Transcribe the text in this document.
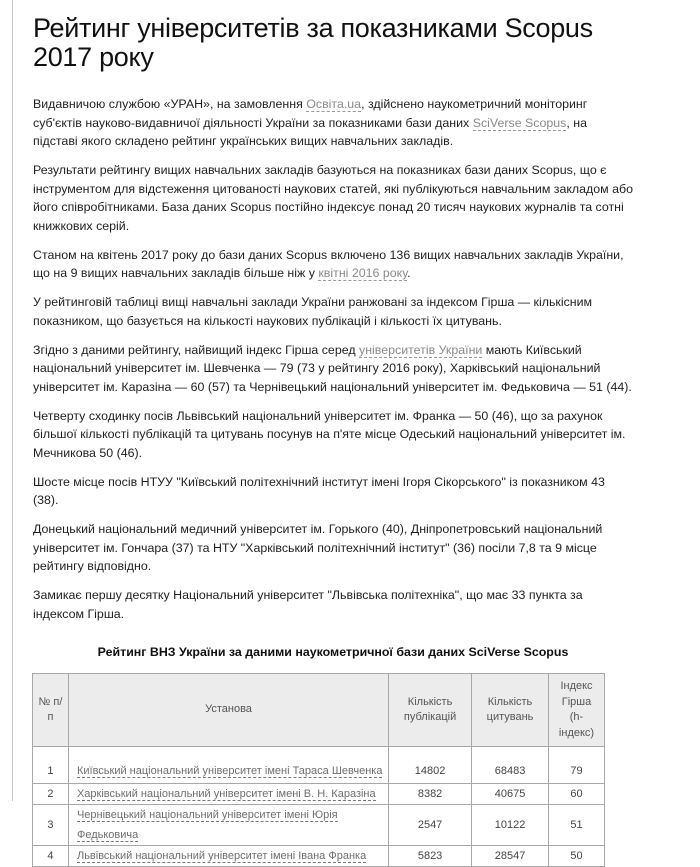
Рейтинг університетів за показниками Scopus 2017 року

Видавничою службою «УРАН», на замовлення Освіта.ua, здійснено наукометричний моніторинг суб'єктів науково-видавничої діяльності України за показниками бази даних SciVerse Scopus, на підставі якого складено рейтинг українських вищих навчальних закладів.

Результати рейтингу вищих навчальних закладів базуються на показниках бази даних Scopus, що є інструментом для відстеження цитованості наукових статей, які публікуються навчальним закладом або його співробітниками. База даних Scopus постійно індексує понад 20 тисяч наукових журналів та сотні книжкових серій.

Станом на квітень 2017 року до бази даних Scopus включено 136 вищих навчальних закладів України, що на 9 вищих навчальних закладів більше ніж у квітні 2016 року.

У рейтинговій таблиці вищі навчальні заклади України ранжовані за індексом Гірша — кількісним показником, що базується на кількості наукових публікацій і кількості їх цитувань.

Згідно з даними рейтингу, найвищий індекс Гірша серед університетів України мають Київський національний університет ім. Шевченка — 79 (73 у рейтингу 2016 року), Харківський національний університет ім. Каразіна — 60 (57) та Чернівецький національний університет ім. Федьковича — 51 (44).

Четверту сходинку посів Львівський національний університет ім. Франка — 50 (46), що за рахунок більшої кількості публікацій та цитувань посунув на п'яте місце Одеський національний університет ім. Мечникова 50 (46).

Шосте місце посів НТУУ "Київський політехнічний інститут імені Ігоря Сікорського" із показником 43 (38).

Донецький національний медичний університет ім. Горького (40), Дніпропетровський національний університет ім. Гончара (37) та НТУ "Харківський політехнічний інститут" (36) посіли 7,8 та 9 місце рейтингу відповідно.

Замикає першу десятку Національний університет "Львівська політехніка", що має 33 пункта за індексом Гірша.

Рейтинг ВНЗ України за даними наукометричної бази даних SciVerse Scopus
№ п/п	Установа	Кількість публікацій	Кількість цитувань	Індекс Гірша (h-індекс)
1	Київський національний університет імені Тараса Шевченка	14802	68483	79
2	Харківський національний університет імені В. Н. Каразіна	8382	40675	60
3	Чернівецький національний університет імені Юрія Федьковича	2547	10122	51
4	Львівський національний університет імені Івана Франка	5823	28547	50
